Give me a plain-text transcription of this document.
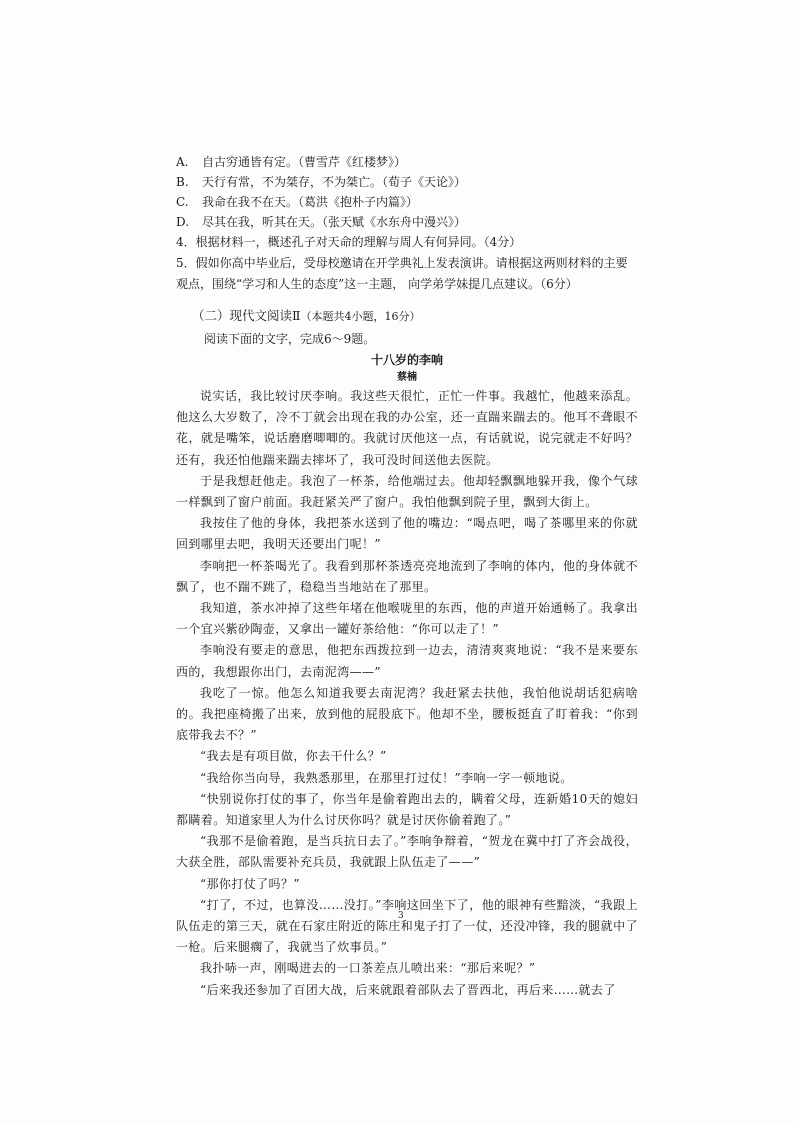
A. 自古穷通皆有定。（曹雪芹《红楼梦》）

B. 天行有常，不为桀存，不为桀亡。（荀子《天论》）

C. 我命在我不在天。（葛洪《抱朴子内篇》）

D. 尽其在我，听其在天。（张天赋《水东舟中漫兴》）

4．根据材料一，概述孔子对天命的理解与周人有何异同。（4分）

5．假如你高中毕业后，受母校邀请在开学典礼上发表演讲。请根据这两则材料的主要观点，围绕“学习和人生的态度”这一主题， 向学弟学妹提几点建议。（6分）

（二）现代文阅读Ⅱ（本题共4小题，16分）

阅读下面的文字，完成6～9题。

十八岁的李响

蔡楠

说实话，我比较讨厌李响。我这些天很忙，正忙一件事。我越忙，他越来添乱。他这么大岁数了，冷不丁就会出现在我的办公室，还一直踹来踹去的。他耳不聋眼不花，就是嘴笨，说话磨磨唧唧的。我就讨厌他这一点，有话就说，说完就走不好吗？还有，我还怕他踹来踹去摔坏了，我可没时间送他去医院。

于是我想赶他走。我泡了一杯茶，给他端过去。他却轻飘飘地躲开我，像个气球一样飘到了窗户前面。我赶紧关严了窗户。我怕他飘到院子里，飘到大街上。

我按住了他的身体，我把茶水送到了他的嘴边：“喝点吧，喝了茶哪里来的你就回到哪里去吧，我明天还要出门呢！”

李响把一杯茶喝光了。我看到那杯茶透亮亮地流到了李响的体内，他的身体就不飘了，也不踹不跳了，稳稳当当地站在了那里。

我知道，茶水冲掉了这些年堵在他喉咙里的东西，他的声道开始通畅了。我拿出一个宜兴紫砂陶壶，又拿出一罐好茶给他：“你可以走了！”

李响没有要走的意思，他把东西拨拉到一边去，清清爽爽地说：“我不是来要东西的，我想跟你出门，去南泥湾——”

我吃了一惊。他怎么知道我要去南泥湾？我赶紧去扶他，我怕他说胡话犯病啥的。我把座椅搬了出来，放到他的屁股底下。他却不坐，腰板挺直了盯着我：“你到底带我去不？”

“我去是有项目做，你去干什么？”

“我给你当向导，我熟悉那里，在那里打过仗！”李响一字一顿地说。

“快别说你打仗的事了，你当年是偷着跑出去的，瞒着父母，连新婚10天的媳妇都瞒着。知道家里人为什么讨厌你吗？就是讨厌你偷着跑了。”

“我那不是偷着跑，是当兵抗日去了。”李响争辩着，“贺龙在冀中打了齐会战役，大获全胜，部队需要补充兵员，我就跟上队伍走了——”

“那你打仗了吗？”

“打了，不过，也算没……没打。”李响这回坐下了，他的眼神有些黯淡，“我跟上队伍走的第三天，就在石家庄附近的陈庄和鬼子打了一仗，还没冲锋，我的腿就中了一枪。后来腿瘸了，我就当了炊事员。”

我扑哧一声，刚喝进去的一口茶差点儿喷出来：“那后来呢？”

“后来我还参加了百团大战，后来就跟着部队去了晋西北，再后来……就去了

3
